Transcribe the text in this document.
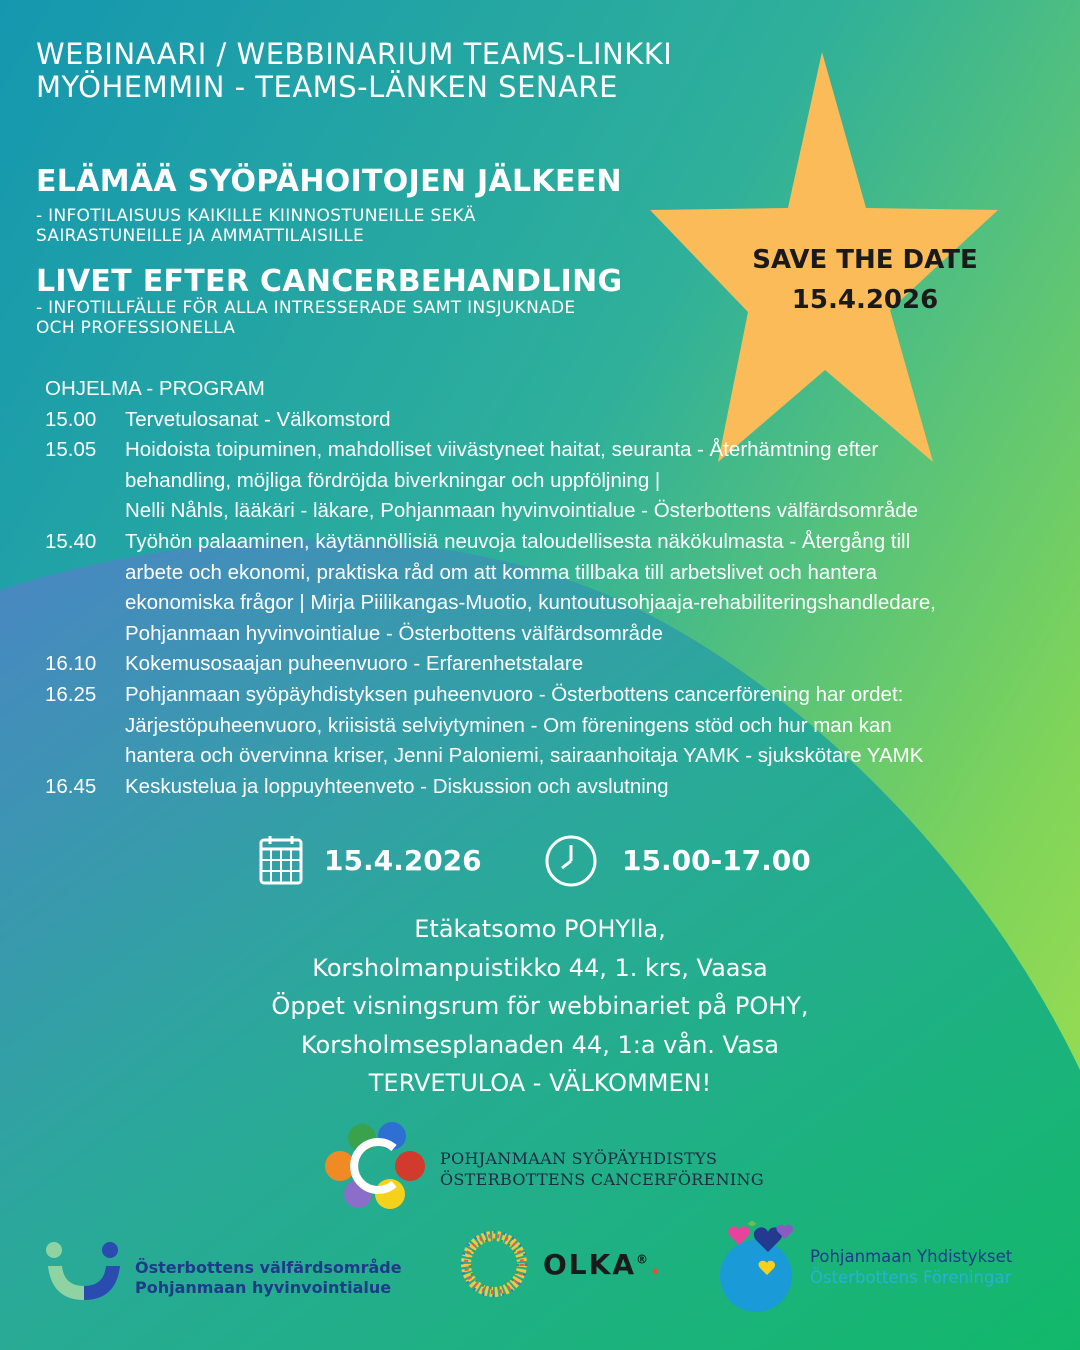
WEBINAARI / WEBBINARIUM TEAMS-LINKKI
MYÖHEMMIN - TEAMS-LÄNKEN SENARE
SAVE THE DATE
15.4.2026
ELÄMÄÄ SYÖPÄHOITOJEN JÄLKEEN
- INFOTILAISUUS KAIKILLE KIINNOSTUNEILLE SEKÄ
SAIRASTUNEILLE JA AMMATTILAISILLE
LIVET EFTER CANCERBEHANDLING
- INFOTILLFÄLLE FÖR ALLA INTRESSERADE SAMT INSJUKNADE
OCH PROFESSIONELLA
OHJELMA - PROGRAM
15.00	Tervetulosanat - Välkomstord
15.05	Hoidoista toipuminen, mahdolliset viivästyneet haitat, seuranta - Återhämtning efter
behandling, möjliga fördröjda biverkningar och uppföljning |
Nelli Nåhls, lääkäri - läkare, Pohjanmaan hyvinvointialue - Österbottens välfärdsområde
15.40	Työhön palaaminen, käytännöllisiä neuvoja taloudellisesta näkökulmasta - Återgång till
arbete och ekonomi, praktiska råd om att komma tillbaka till arbetslivet och hantera
ekonomiska frågor | Mirja Piilikangas-Muotio, kuntoutusohjaaja-rehabiliteringshandledare,
Pohjanmaan hyvinvointialue - Österbottens välfärdsområde
16.10	Kokemusosaajan puheenvuoro - Erfarenhetstalare
16.25	Pohjanmaan syöpäyhdistyksen puheenvuoro - Österbottens cancerförening har ordet:
Järjestöpuheenvuoro, kriisistä selviytyminen - Om föreningens stöd och hur man kan
hantera och övervinna kriser, Jenni Paloniemi, sairaanhoitaja YAMK - sjukskötare YAMK
16.45	Keskustelua ja loppuyhteenveto - Diskussion och avslutning
15.4.2026	15.00-17.00
Etäkatsomo POHYlla,
Korsholmanpuistikko 44, 1. krs, Vaasa
Öppet visningsrum för webbinariet på POHY,
Korsholmsesplanaden 44, 1:a vån. Vasa
TERVETULOA - VÄLKOMMEN!
POHJANMAAN SYÖPÄYHDISTYS
ÖSTERBOTTENS CANCERFÖRENING
Österbottens välfärdsområde
Pohjanmaan hyvinvointialue
OLKA®.	Pohjanmaan Yhdistykset
Österbottens Föreningar
